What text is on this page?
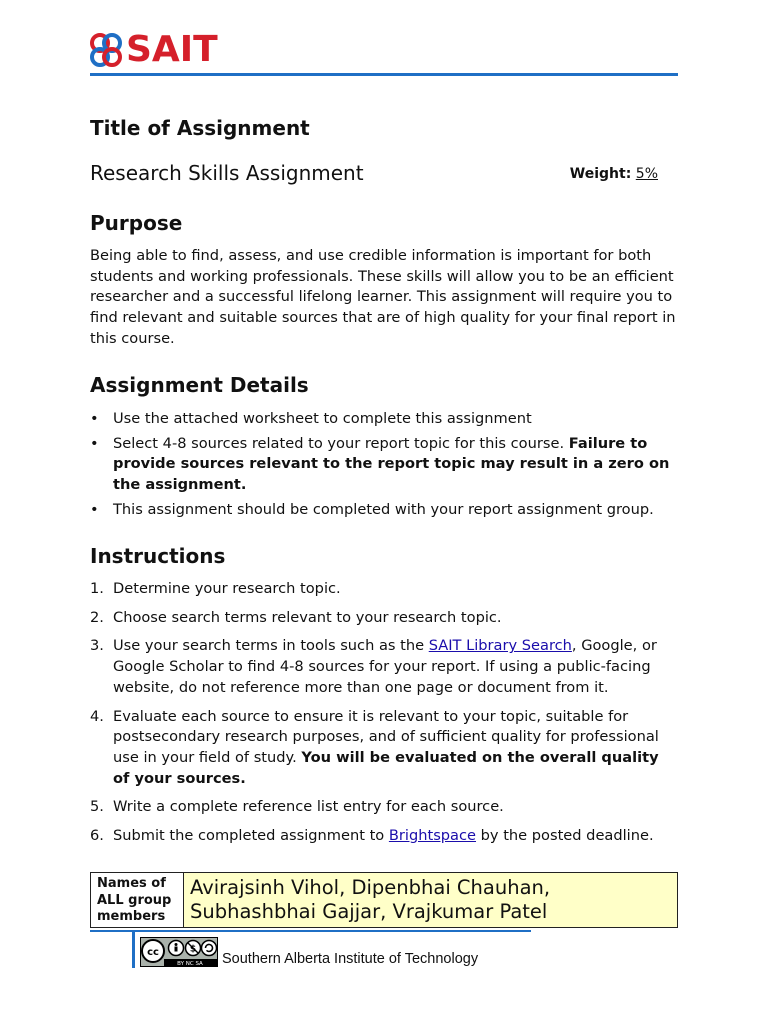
SAIT
Title of Assignment
Research Skills Assignment	Weight: 5%
Purpose

Being able to find, assess, and use credible information is important for both students and working professionals. These skills will allow you to be an efficient researcher and a successful lifelong learner. This assignment will require you to find relevant and suitable sources that are of high quality for your final report in this course.

Assignment Details
• Use the attached worksheet to complete this assignment
• Select 4-8 sources related to your report topic for this course. Failure to provide sources relevant to the report topic may result in a zero on the assignment.
• This assignment should be completed with your report assignment group.
Instructions
1. Determine your research topic.
2. Choose search terms relevant to your research topic.
3. Use your search terms in tools such as the SAIT Library Search, Google, or Google Scholar to find 4-8 sources for your report. If using a public-facing website, do not reference more than one page or document from it.
4. Evaluate each source to ensure it is relevant to your topic, suitable for postsecondary research purposes, and of sufficient quality for professional use in your field of study. You will be evaluated on the overall quality of your sources.
5. Write a complete reference list entry for each source.
6. Submit the completed assignment to Brightspace by the posted deadline.
Names of ALL group members
Avirajsinh Vihol, Dipenbhai Chauhan,
Subhashbhai Gajjar, Vrajkumar Patel
cc	$
BY NC SA Southern Alberta Institute of Technology
